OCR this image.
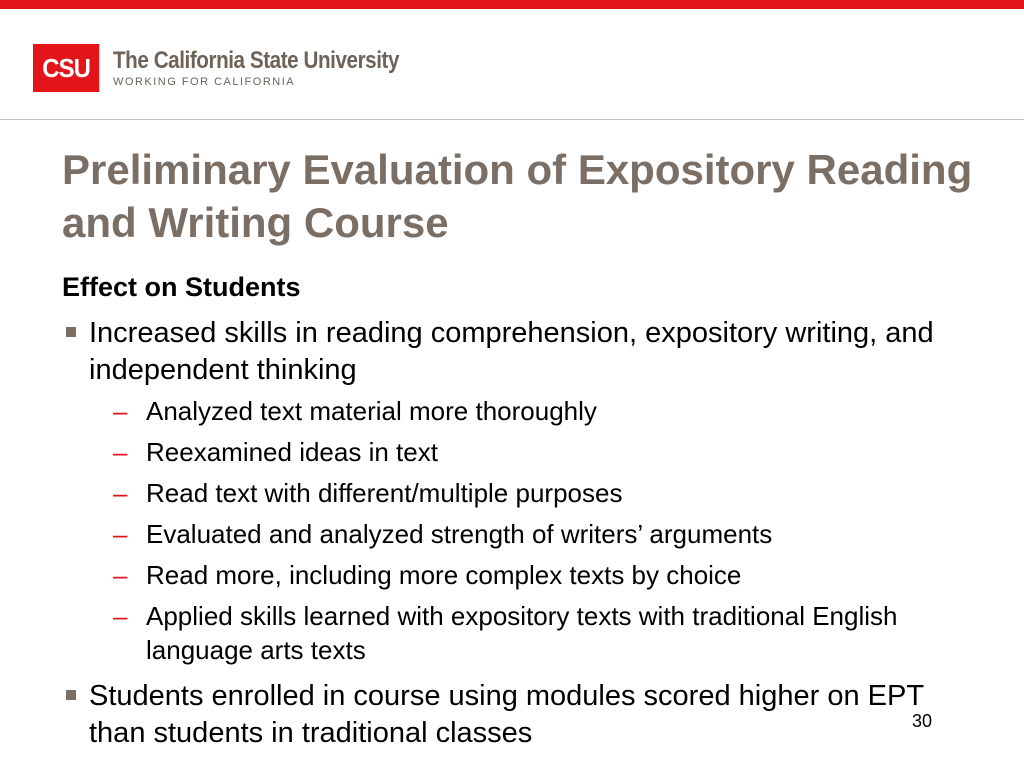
CSU The California State University
WORKING FOR CALIFORNIA
Preliminary Evaluation of Expository Reading and Writing Course
Effect on Students
Increased skills in reading comprehension, expository writing, and independent thinking
– Analyzed text material more thoroughly
– Reexamined ideas in text
– Read text with different/multiple purposes
– Evaluated and analyzed strength of writers’ arguments
– Read more, including more complex texts by choice
– Applied skills learned with expository texts with traditional English language arts texts
Students enrolled in course using modules scored higher on EPT than students in traditional classes	30
